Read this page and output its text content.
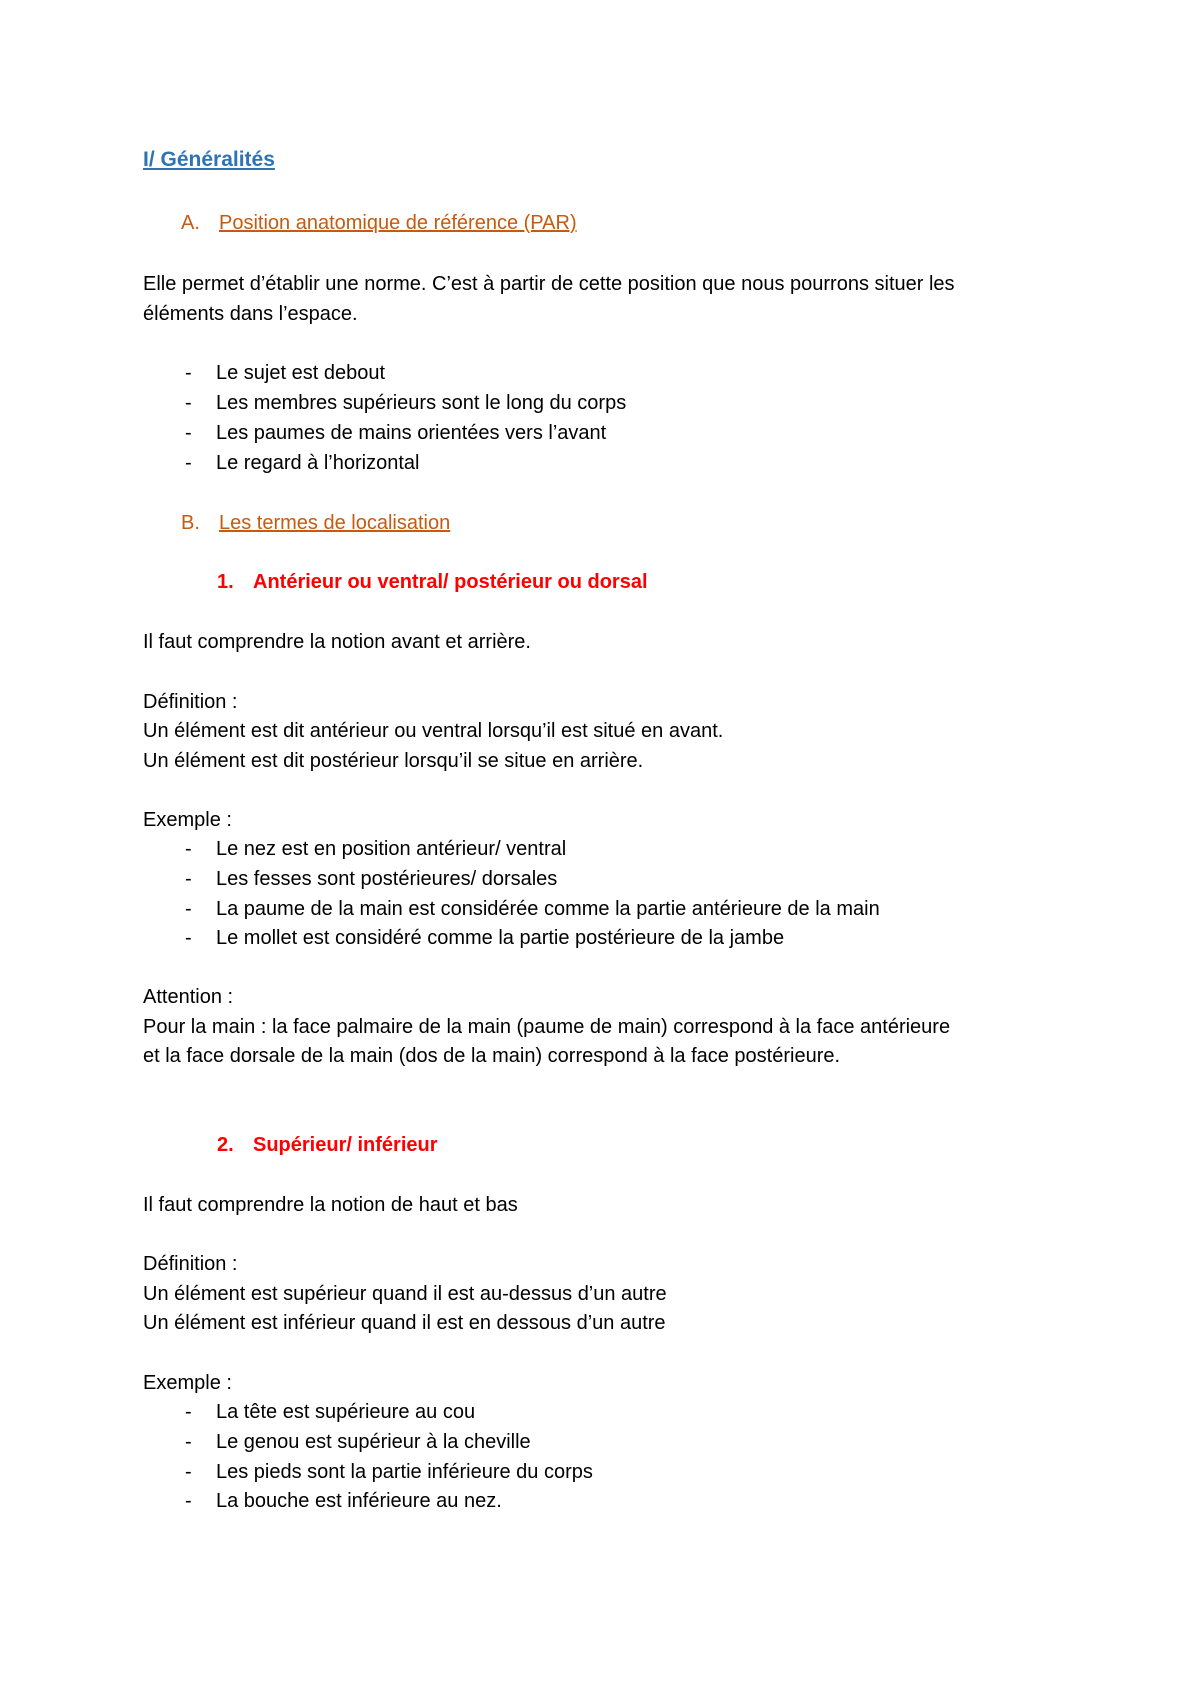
I/ Généralités
A. Position anatomique de référence (PAR)
Elle permet d’établir une norme. C’est à partir de cette position que nous pourrons situer les
éléments dans l’espace.
- Le sujet est debout
- Les membres supérieurs sont le long du corps
- Les paumes de mains orientées vers l’avant
- Le regard à l’horizontal
B. Les termes de localisation
1. Antérieur ou ventral/ postérieur ou dorsal
Il faut comprendre la notion avant et arrière.
Définition :
Un élément est dit antérieur ou ventral lorsqu’il est situé en avant.
Un élément est dit postérieur lorsqu’il se situe en arrière.
Exemple :
- Le nez est en position antérieur/ ventral
- Les fesses sont postérieures/ dorsales
- La paume de la main est considérée comme la partie antérieure de la main
- Le mollet est considéré comme la partie postérieure de la jambe
Attention :
Pour la main : la face palmaire de la main (paume de main) correspond à la face antérieure
et la face dorsale de la main (dos de la main) correspond à la face postérieure.
2. Supérieur/ inférieur
Il faut comprendre la notion de haut et bas
Définition :
Un élément est supérieur quand il est au-dessus d’un autre
Un élément est inférieur quand il est en dessous d’un autre
Exemple :
- La tête est supérieure au cou
- Le genou est supérieur à la cheville
- Les pieds sont la partie inférieure du corps
- La bouche est inférieure au nez.
